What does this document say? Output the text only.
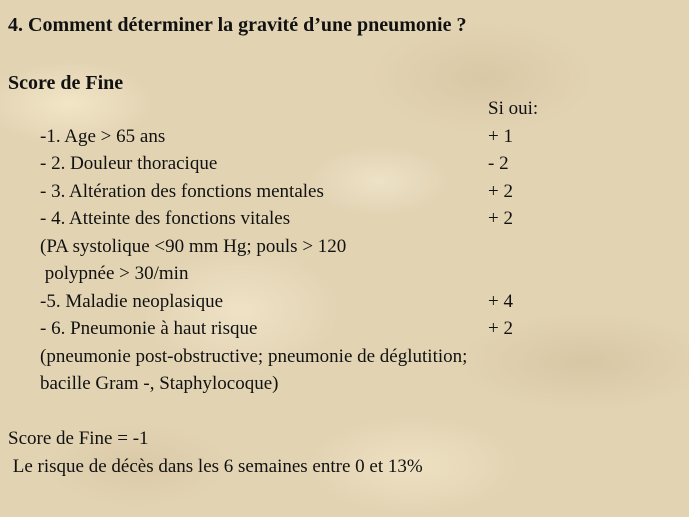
4. Comment déterminer la gravité d’une pneumonie ?
Score de Fine
Si oui:
-1. Age > 65 ans	+ 1
- 2. Douleur thoracique	- 2
- 3. Altération des fonctions mentales	+ 2
- 4. Atteinte des fonctions vitales	+ 2
(PA systolique <90 mm Hg; pouls > 120
polypnée > 30/min
-5. Maladie neoplasique	+ 4
- 6. Pneumonie à haut risque	+ 2
(pneumonie post-obstructive; pneumonie de déglutition;
bacille Gram -, Staphylocoque)
Score de Fine = -1
Le risque de décès dans les 6 semaines entre 0 et 13%
